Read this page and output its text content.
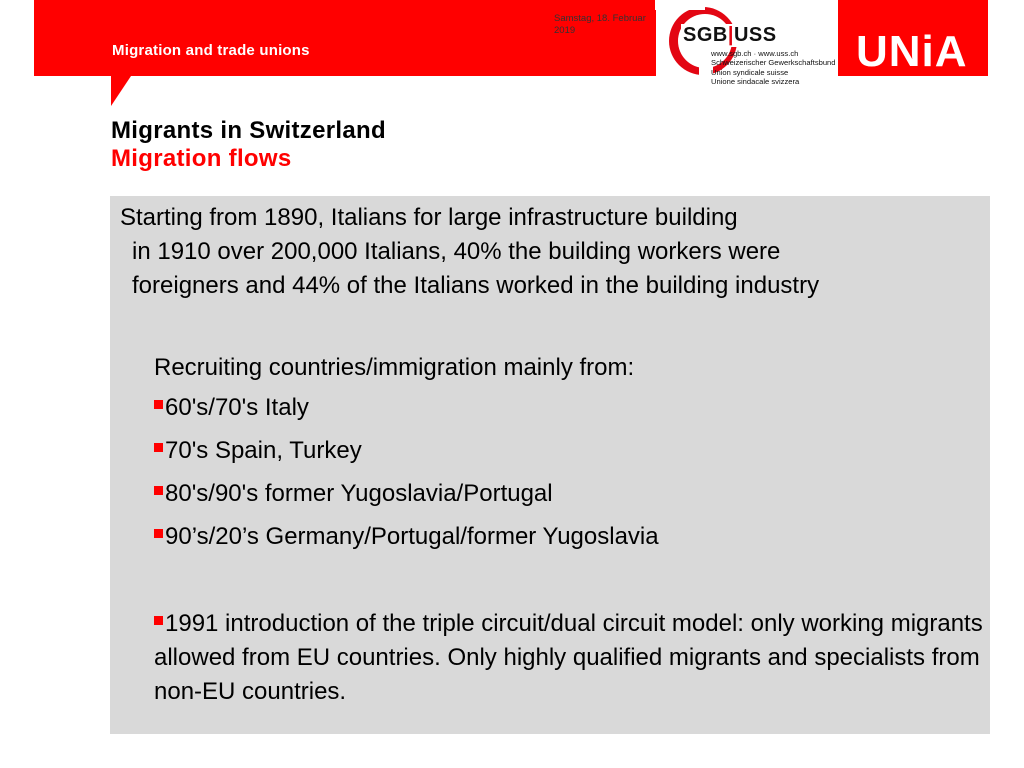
Migration and trade unions
Samstag, 18. Februar
2019	SGB|USS
www.sgb.ch · www.uss.ch
Schweizerischer Gewerkschaftsbund
Union syndicale suisse
Unione sindacale svizzera
UNiA
Migrants in Switzerland
Migration flows
Starting from 1890, Italians for large infrastructure building
in 1910 over 200,000 Italians, 40% the building workers were
foreigners and 44% of the Italians worked in the building industry
Recruiting countries/immigration mainly from:
60's/70's Italy
70's Spain, Turkey
80's/90's former Yugoslavia/Portugal
90’s/20’s Germany/Portugal/former Yugoslavia
1991 introduction of the triple circuit/dual circuit model: only working migrants allowed from EU countries. Only highly qualified migrants and specialists from non-EU countries.
